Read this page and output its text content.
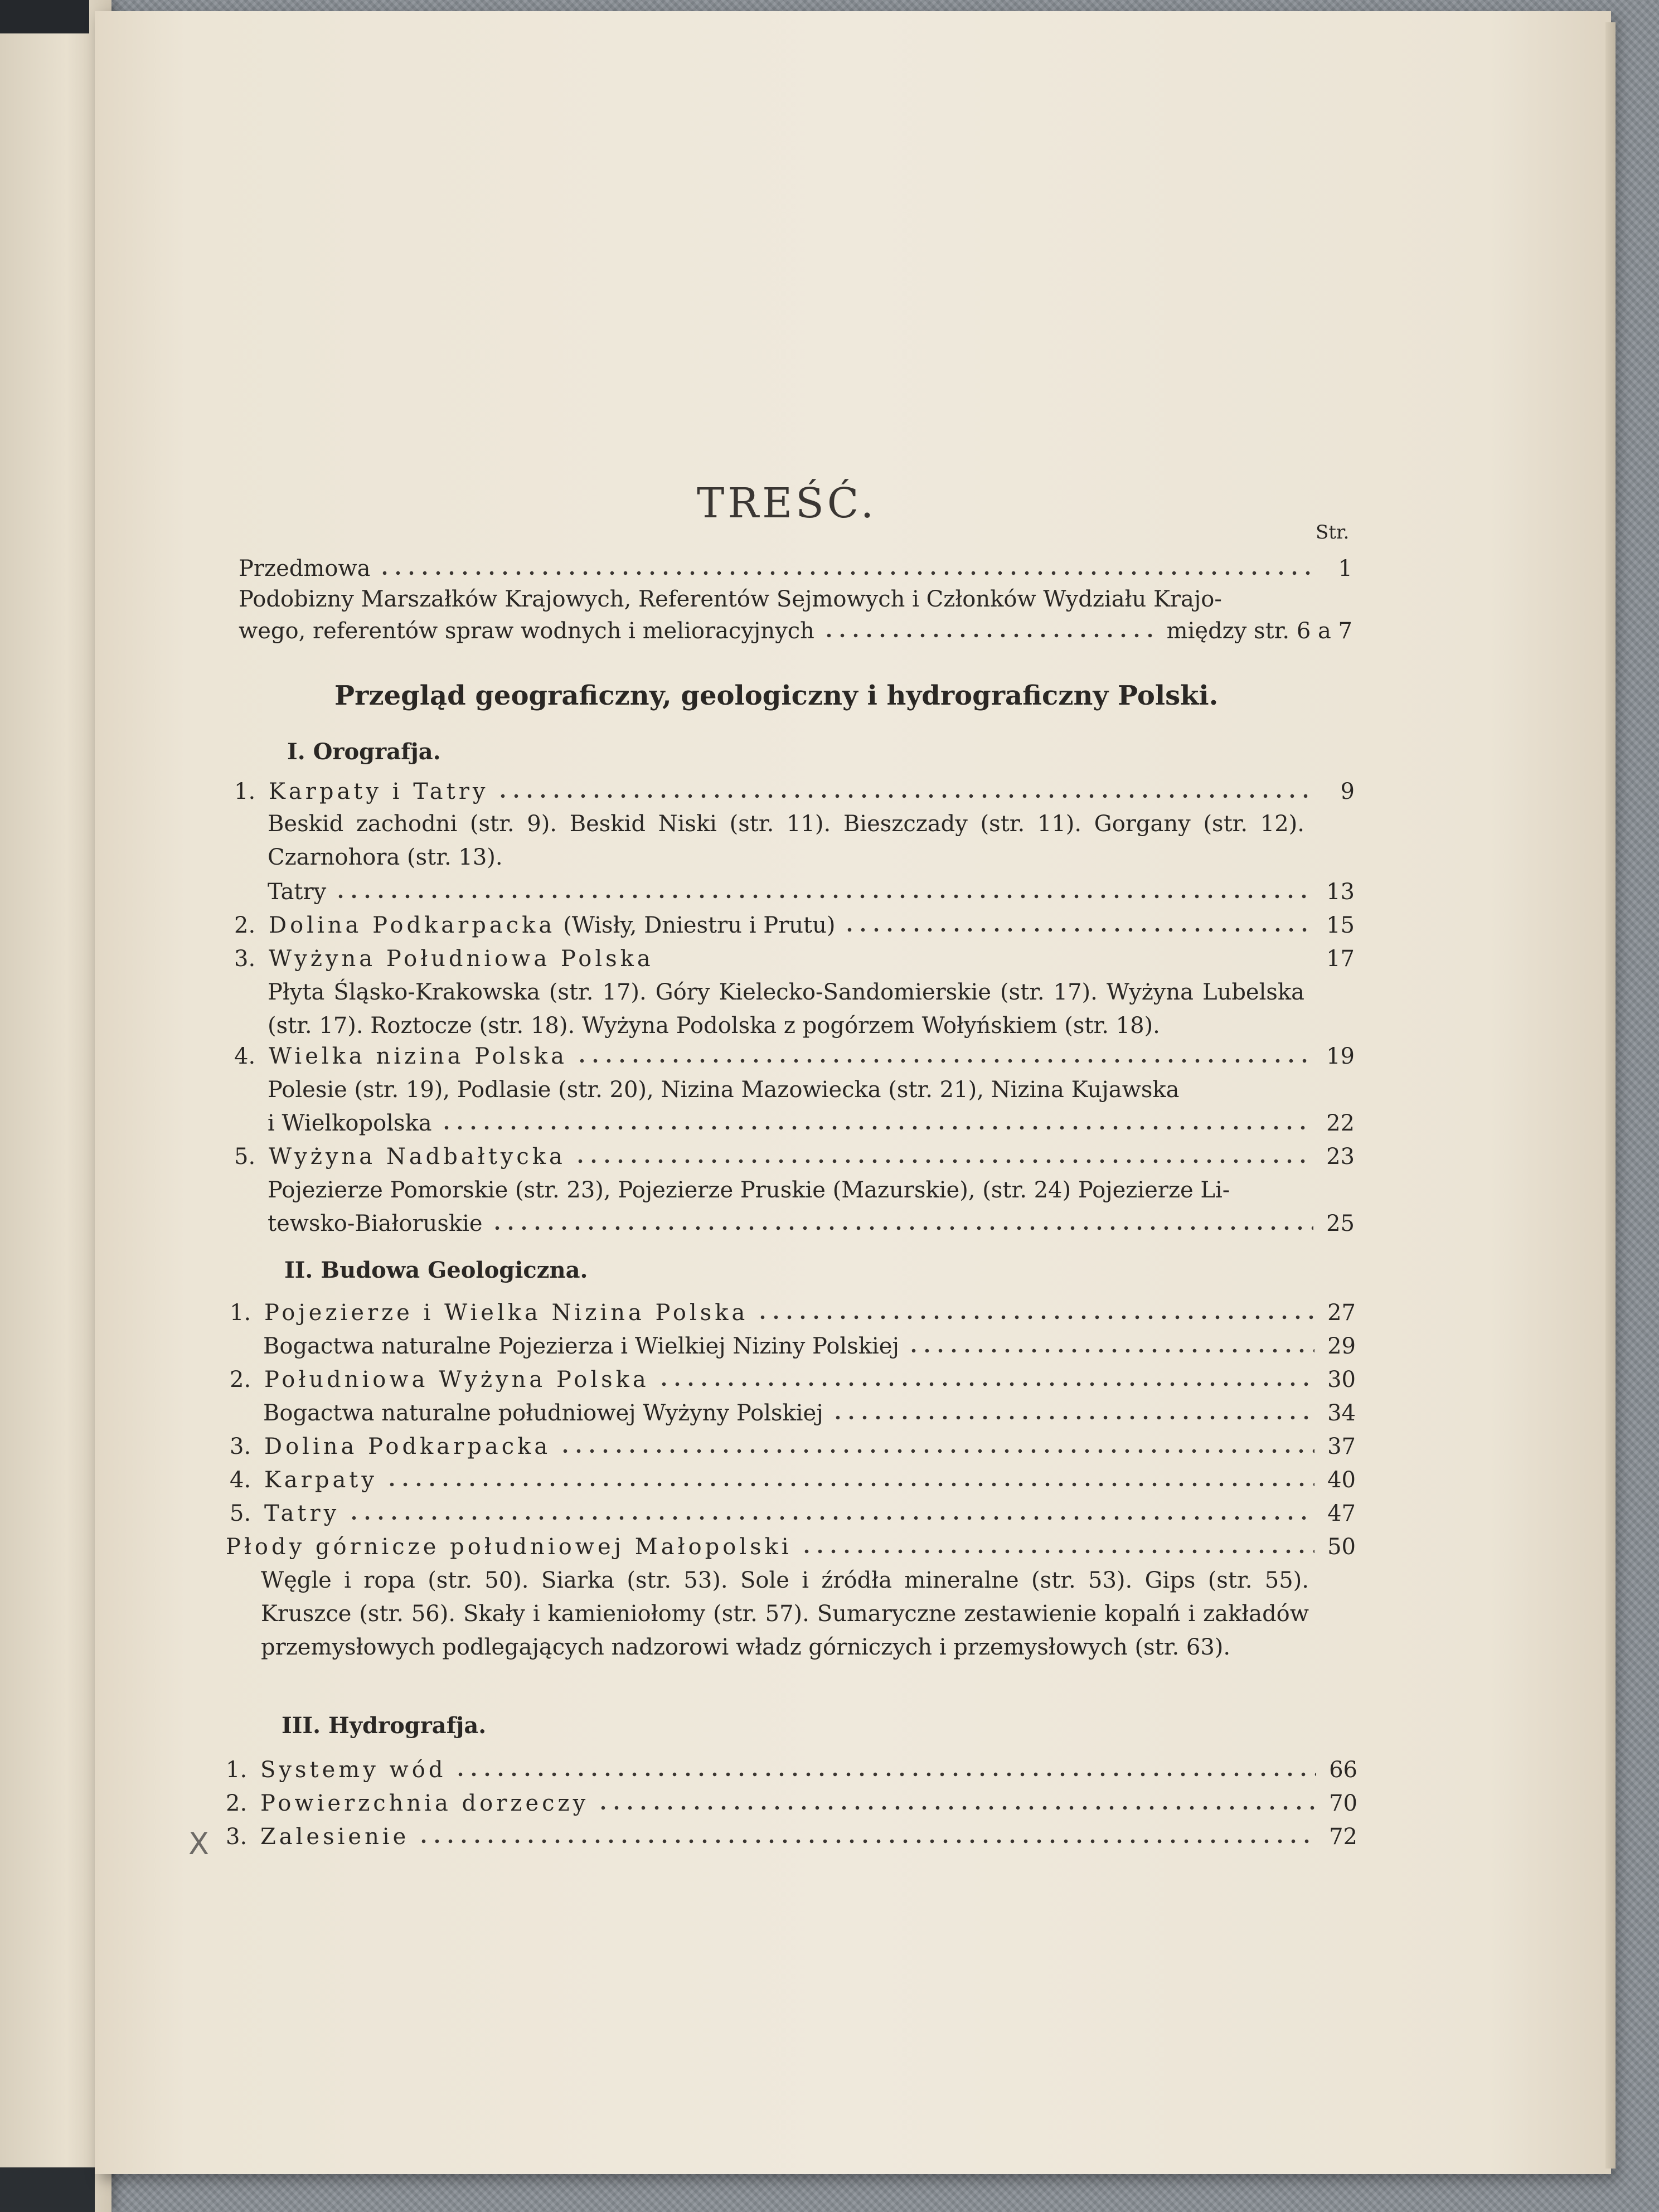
TREŚĆ.
Str.
Przedmowa	1
Podobizny Marszałków Krajowych, Referentów Sejmowych i Członków Wydziału Krajo-
wego, referentów spraw wodnych i melioracyjnych	między str. 6 a 7
Przegląd geograficzny, geologiczny i hydrograficzny Polski.
I. Orografja.
1. Karpaty i Tatry	9
Beskid zachodni (str. 9). Beskid Niski (str. 11). Bieszczady (str. 11). Gorgany (str. 12). Czarnohora (str. 13).
Tatry	13
2. Dolina Podkarpacka (Wisły, Dniestru i Prutu)	15
3. Wyżyna Południowa Polska	17
Płyta Śląsko-Krakowska (str. 17). Góry Kielecko-Sandomierskie (str. 17). Wyżyna Lubelska (str. 17). Roztocze (str. 18). Wyżyna Podolska z pogórzem Wołyńskiem (str. 18).
4. Wielka nizina Polska	19
Polesie (str. 19), Podlasie (str. 20), Nizina Mazowiecka (str. 21), Nizina Kujawska
i Wielkopolska	22
5. Wyżyna Nadbałtycka	23
Pojezierze Pomorskie (str. 23), Pojezierze Pruskie (Mazurskie), (str. 24) Pojezierze Li-
tewsko-Białoruskie	25
II. Budowa Geologiczna.
1. Pojezierze i Wielka Nizina Polska	27
Bogactwa naturalne Pojezierza i Wielkiej Niziny Polskiej	29
2. Południowa Wyżyna Polska	30
Bogactwa naturalne południowej Wyżyny Polskiej	34
3. Dolina Podkarpacka	37
4. Karpaty	40
5. Tatry	47
Płody górnicze południowej Małopolski	50
Węgle i ropa (str. 50). Siarka (str. 53). Sole i źródła mineralne (str. 53). Gips (str. 55). Kruszce (str. 56). Skały i kamieniołomy (str. 57). Sumaryczne zestawienie kopalń i zakładów przemysłowych podlegających nadzorowi władz górniczych i przemysłowych (str. 63).
III. Hydrografja.
1. Systemy wód	66
2. Powierzchnia dorzeczy	70
3. Zalesienie	72
X
